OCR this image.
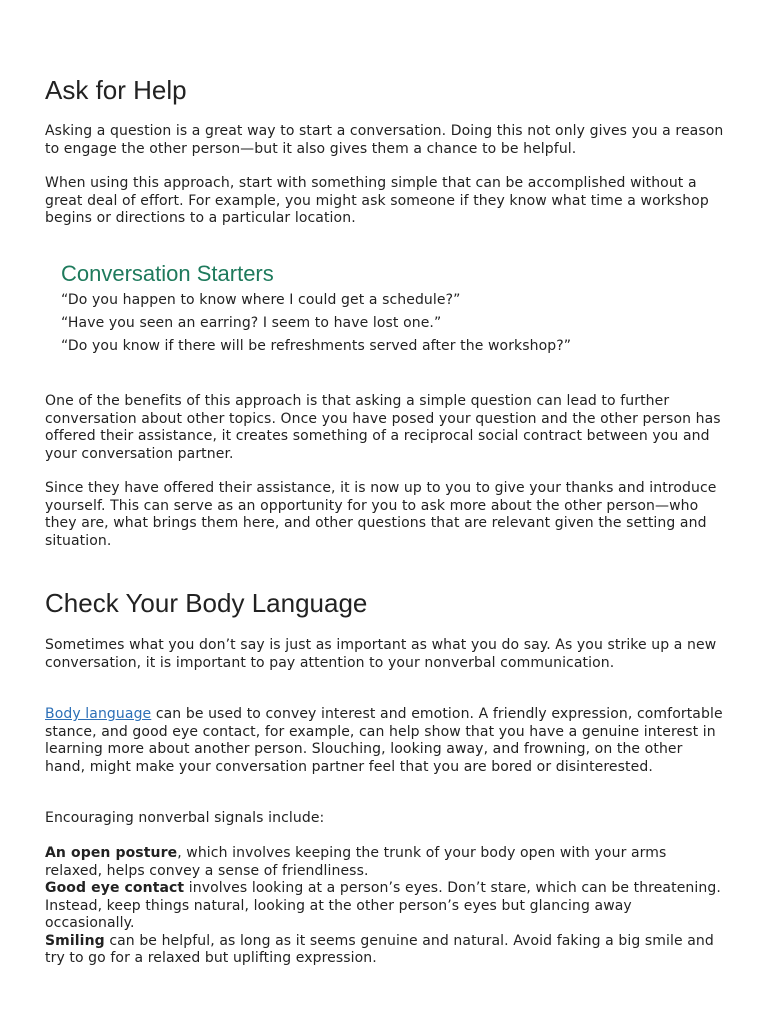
Ask for Help

Asking a question is a great way to start a conversation. Doing this not only gives you a reason to engage the other person—but it also gives them a chance to be helpful.

When using this approach, start with something simple that can be accomplished without a great deal of effort. For example, you might ask someone if they know what time a workshop begins or directions to a particular location.

Conversation Starters

“Do you happen to know where I could get a schedule?”

“Have you seen an earring? I seem to have lost one.”

“Do you know if there will be refreshments served after the workshop?”

One of the benefits of this approach is that asking a simple question can lead to further conversation about other topics. Once you have posed your question and the other person has offered their assistance, it creates something of a reciprocal social contract between you and your conversation partner.

Since they have offered their assistance, it is now up to you to give your thanks and introduce yourself. This can serve as an opportunity for you to ask more about the other person—who they are, what brings them here, and other questions that are relevant given the setting and situation.

Check Your Body Language

Sometimes what you don’t say is just as important as what you do say. As you strike up a new conversation, it is important to pay attention to your nonverbal communication.

Body language can be used to convey interest and emotion. A friendly expression, comfortable stance, and good eye contact, for example, can help show that you have a genuine interest in learning more about another person. Slouching, looking away, and frowning, on the other hand, might make your conversation partner feel that you are bored or disinterested.

Encouraging nonverbal signals include:

An open posture, which involves keeping the trunk of your body open with your arms relaxed, helps convey a sense of friendliness.

Good eye contact involves looking at a person’s eyes. Don’t stare, which can be threatening. Instead, keep things natural, looking at the other person’s eyes but glancing away occasionally.

Smiling can be helpful, as long as it seems genuine and natural. Avoid faking a big smile and try to go for a relaxed but uplifting expression.
